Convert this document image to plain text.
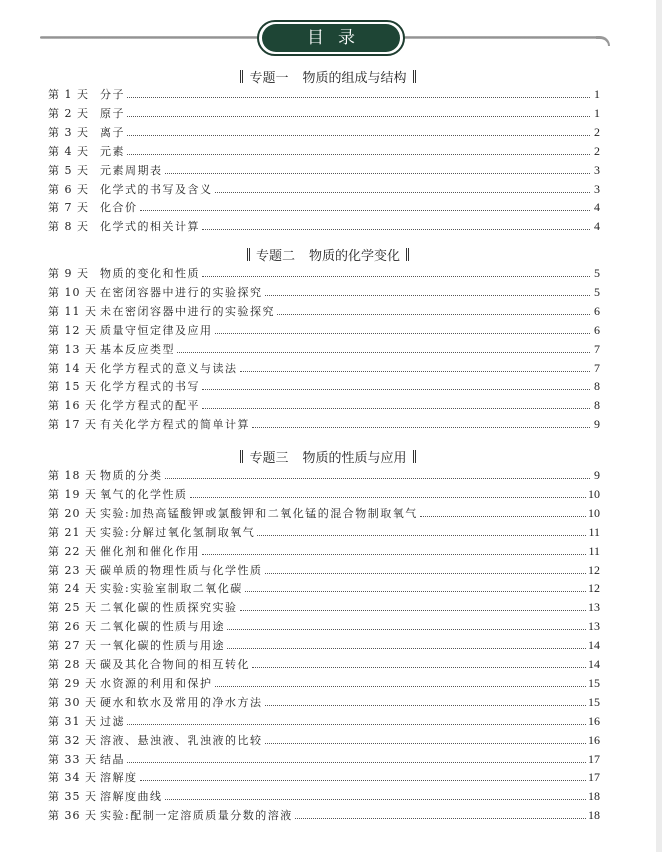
目录
专题一 物质的组成与结构
第 1 天	分子	1
第 2 天	原子	1
第 3 天	离子	2
第 4 天	元素	2
第 5 天	元素周期表	3
第 6 天	化学式的书写及含义	3
第 7 天	化合价	4
第 8 天	化学式的相关计算	4
专题二 物质的化学变化
第 9 天	物质的变化和性质	5
第 10 天 在密闭容器中进行的实验探究	5
第 11 天 未在密闭容器中进行的实验探究	6
第 12 天 质量守恒定律及应用	6
第 13 天 基本反应类型	7
第 14 天 化学方程式的意义与读法	7
第 15 天 化学方程式的书写	8
第 16 天 化学方程式的配平	8
第 17 天 有关化学方程式的简单计算	9
专题三 物质的性质与应用
第 18 天 物质的分类	9
第 19 天 氧气的化学性质	10
第 20 天 实验:加热高锰酸钾或氯酸钾和二氧化锰的混合物制取氧气	10
第 21 天 实验:分解过氧化氢制取氧气	11
第 22 天 催化剂和催化作用	11
第 23 天 碳单质的物理性质与化学性质	12
第 24 天 实验:实验室制取二氧化碳	12
第 25 天 二氧化碳的性质探究实验	13
第 26 天 二氧化碳的性质与用途	13
第 27 天 一氧化碳的性质与用途	14
第 28 天 碳及其化合物间的相互转化	14
第 29 天 水资源的利用和保护	15
第 30 天 硬水和软水及常用的净水方法	15
第 31 天 过滤	16
第 32 天 溶液、悬浊液、乳浊液的比较	16
第 33 天 结晶	17
第 34 天 溶解度	17
第 35 天 溶解度曲线	18
第 36 天 实验:配制一定溶质质量分数的溶液	18
